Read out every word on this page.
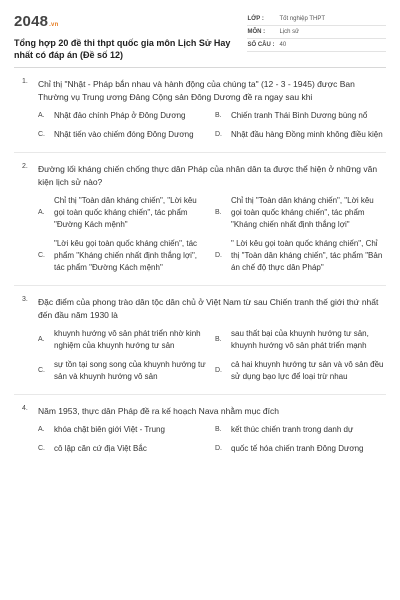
2048.vn
Tổng hợp 20 đề thi thpt quốc gia môn Lịch Sử Hay nhất có đáp án (Đề số 12)
LỚP :	Tốt nghiệp THPT
MÔN :	Lịch sử
SỐ CÂU : 40
1. Chỉ thị "Nhật - Pháp bắn nhau và hành động của chúng ta" (12 - 3 - 1945) được Ban Thường vụ Trung ương Đảng Cộng sản Đông Dương đề ra ngay sau khi
A.	Nhật đảo chính Pháp ở Đông Dương	B.	Chiến tranh Thái Bình Dương bùng nổ
C.	Nhật tiến vào chiếm đóng Đông Dương	D.	Nhật đầu hàng Đồng minh không điều kiện
2. Đường lối kháng chiến chống thực dân Pháp của nhân dân ta được thể hiện ở những văn kiện lịch sử nào?
A.
Chỉ thị "Toàn dân kháng chiến", "Lời kêu gọi toàn quốc kháng chiến", tác phẩm "Đường Kách mệnh"
B.
Chỉ thị "Toàn dân kháng chiến", "Lời kêu gọi toàn quốc kháng chiến", tác phẩm "Kháng chiến nhất định thắng lợi"
C.
"Lời kêu gọi toàn quốc kháng chiến", tác phẩm "Kháng chiến nhất định thắng lợi", tác phẩm "Đường Kách mệnh"
D.
" Lời kêu gọi toàn quốc kháng chiến", Chỉ thị "Toàn dân kháng chiến", tác phẩm "Bản án chế độ thực dân Pháp"
3. Đặc điểm của phong trào dân tộc dân chủ ở Việt Nam từ sau Chiến tranh thế giới thứ nhất đến đầu năm 1930 là
A.
khuynh hướng vô sản phát triển nhờ kinh nghiệm của khuynh hướng tư sản
B.
sau thất bại của khuynh hướng tư sản, khuynh hướng vô sản phát triển mạnh
C.
sự tồn tại song song của khuynh hướng tư sản và khuynh hướng vô sản
D.
cả hai khuynh hướng tư sản và vô sản đều sử dụng bạo lực để loại trừ nhau
4. Năm 1953, thực dân Pháp đề ra kế hoạch Nava nhằm mục đích
A.	khóa chặt biên giới Việt - Trung	B.	kết thúc chiến tranh trong danh dự
C.	cô lập căn cứ địa Việt Bắc	D.	quốc tế hóa chiến tranh Đông Dương
